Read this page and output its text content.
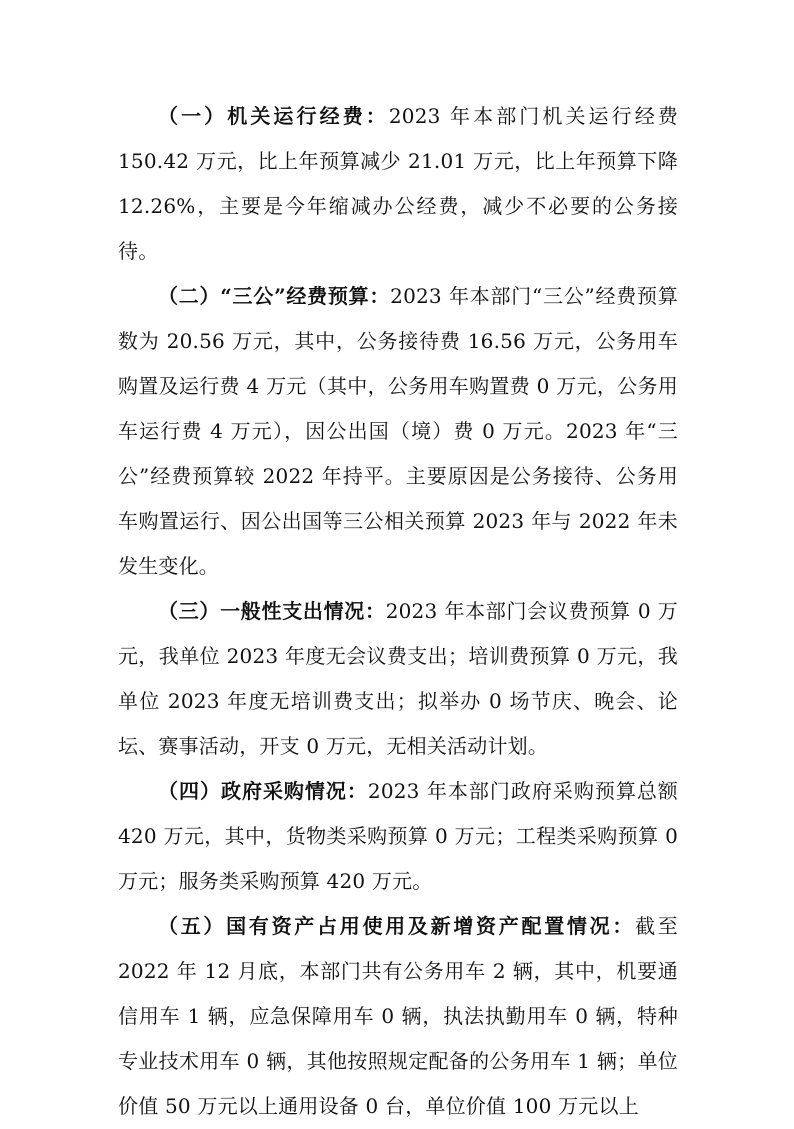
（一）机关运行经费：2023 年本部门机关运行经费 150.42 万元，比上年预算减少 21.01 万元，比上年预算下降 12.26%，主要是今年缩减办公经费，减少不必要的公务接待。

（二）“三公”经费预算：2023 年本部门“三公”经费预算数为 20.56 万元，其中，公务接待费 16.56 万元，公务用车购置及运行费 4 万元（其中，公务用车购置费 0 万元，公务用车运行费 4 万元），因公出国（境）费 0 万元。2023 年“三公”经费预算较 2022 年持平。主要原因是公务接待、公务用车购置运行、因公出国等三公相关预算 2023 年与 2022 年未发生变化。

（三）一般性支出情况：2023 年本部门会议费预算 0 万元，我单位 2023 年度无会议费支出；培训费预算 0 万元，我单位 2023 年度无培训费支出；拟举办 0 场节庆、晚会、论坛、赛事活动，开支 0 万元，无相关活动计划。

（四）政府采购情况：2023 年本部门政府采购预算总额 420 万元，其中，货物类采购预算 0 万元；工程类采购预算 0 万元；服务类采购预算 420 万元。

（五）国有资产占用使用及新增资产配置情况：截至 2022 年 12 月底，本部门共有公务用车 2 辆，其中，机要通信用车 1 辆，应急保障用车 0 辆，执法执勤用车 0 辆，特种专业技术用车 0 辆，其他按照规定配备的公务用车 1 辆；单位价值 50 万元以上通用设备 0 台，单位价值 100 万元以上
